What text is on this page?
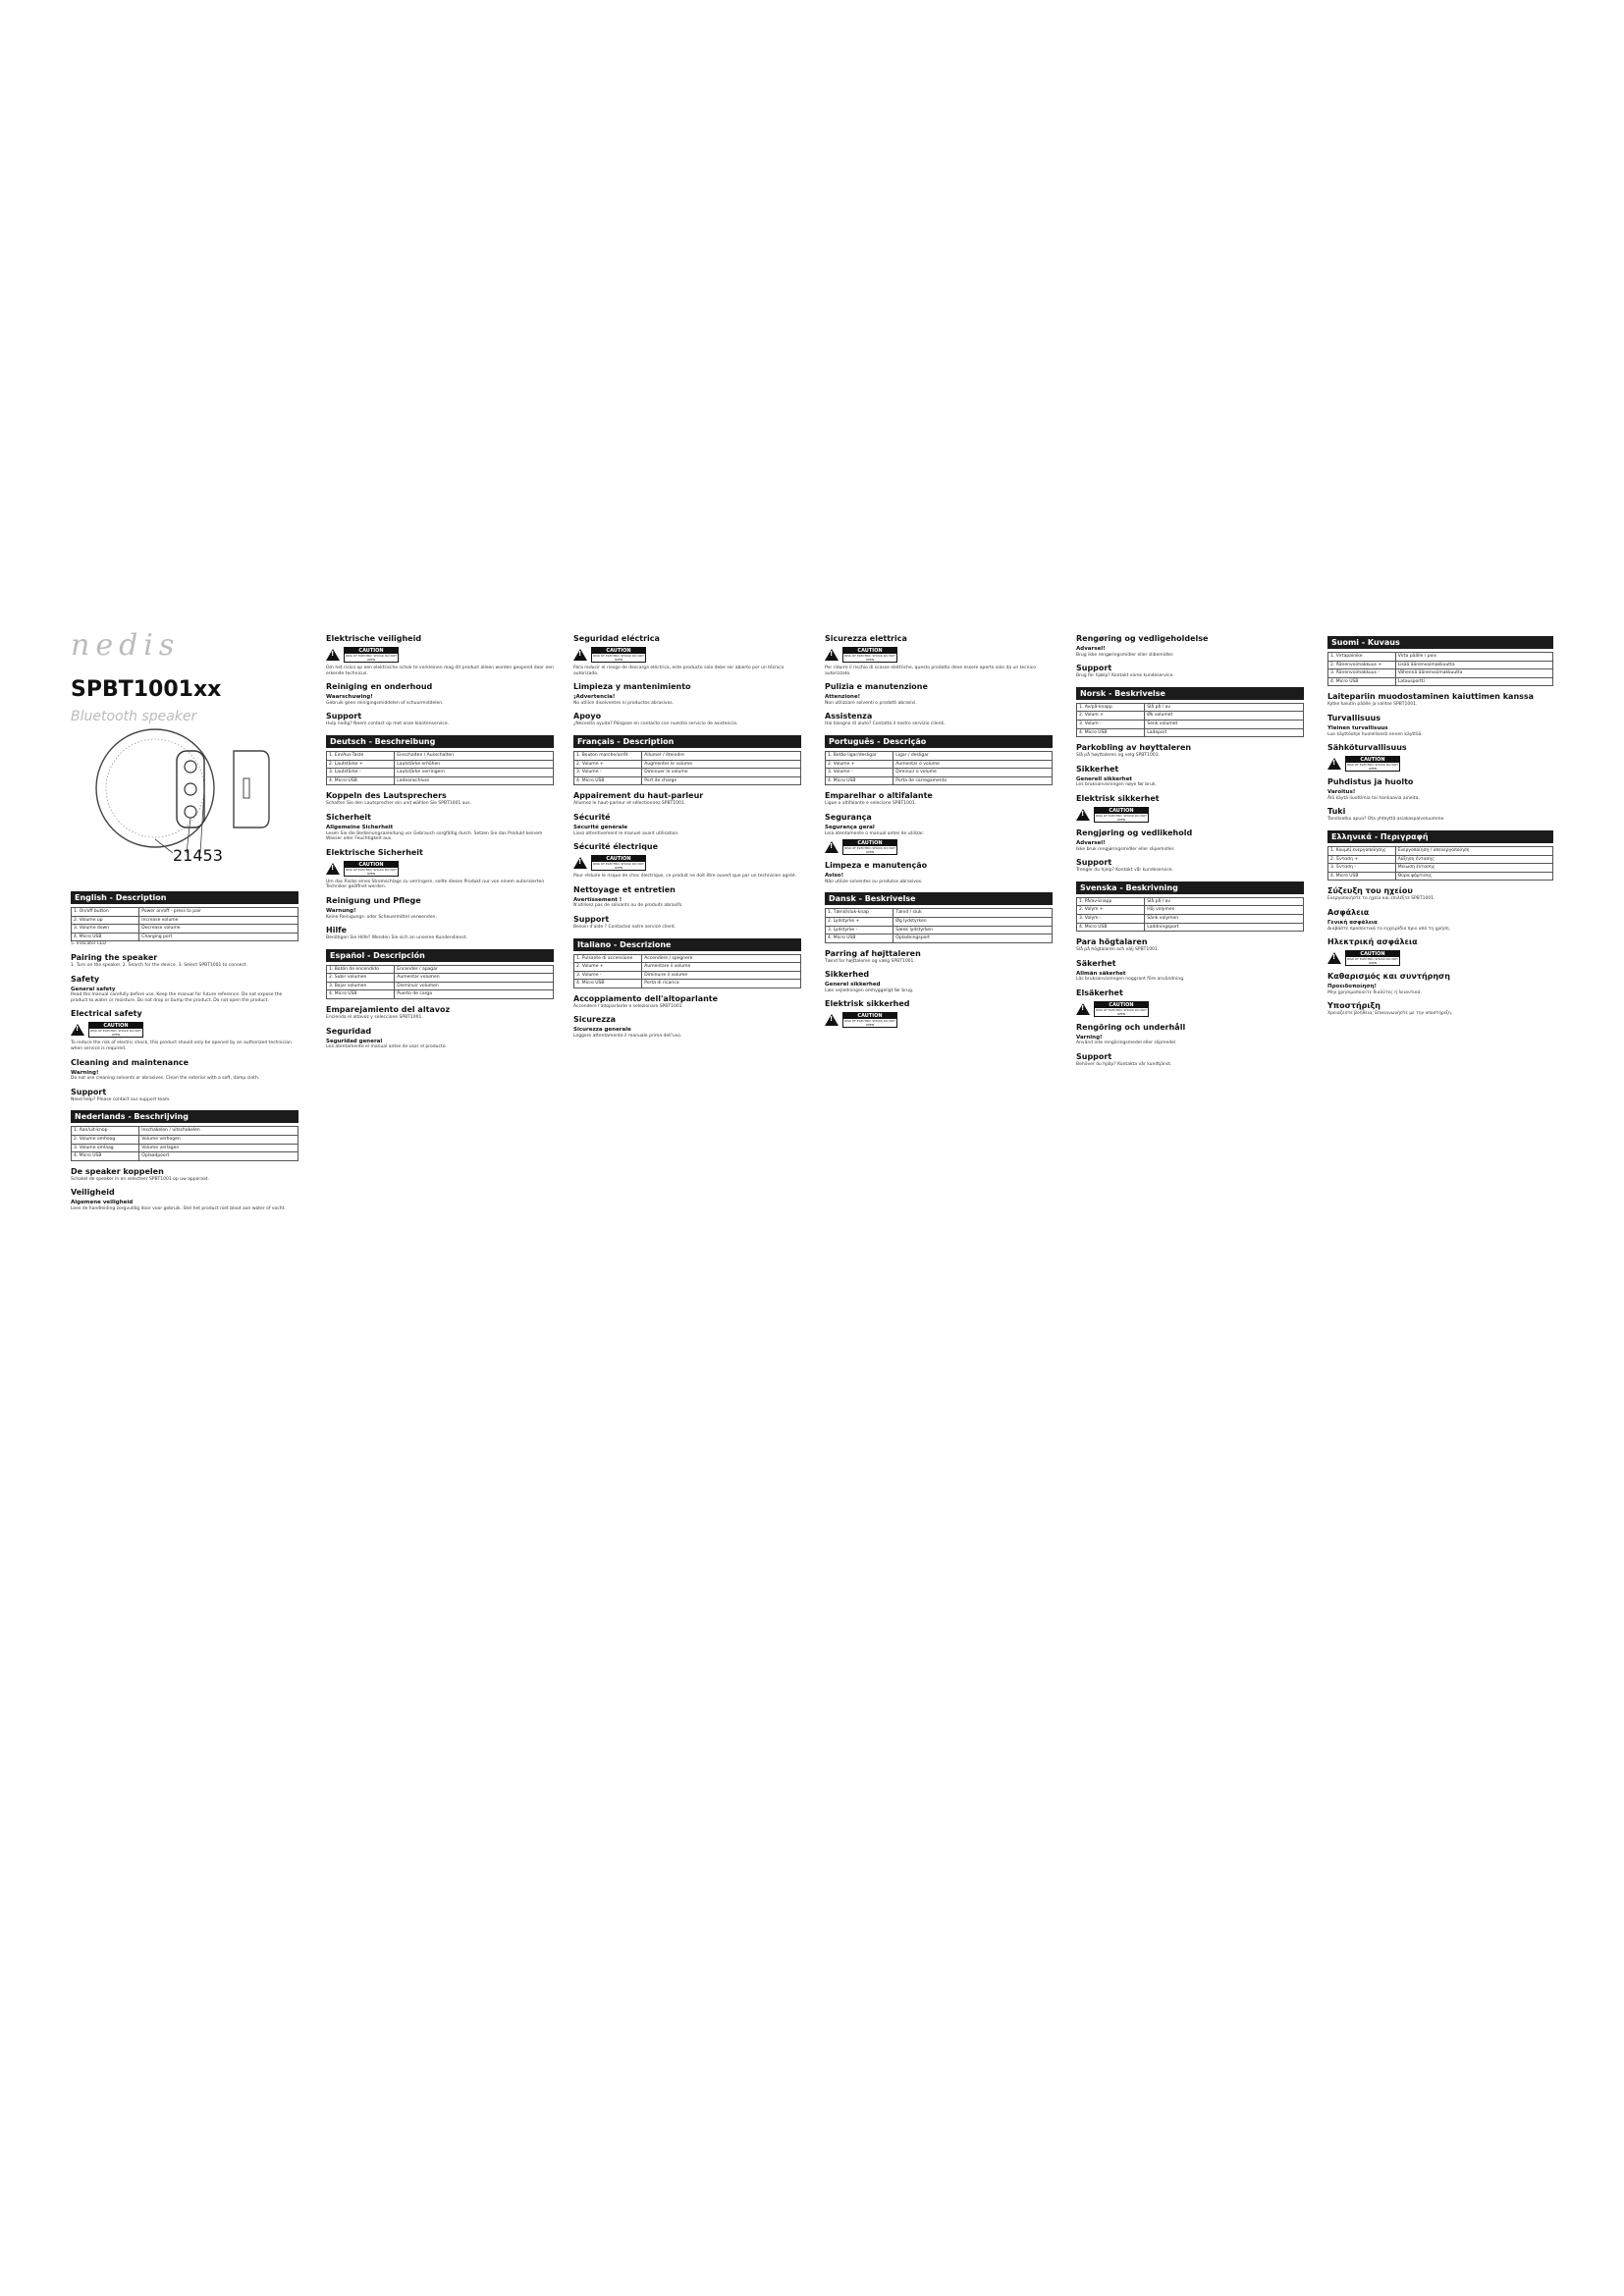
nedis
SPBT1001xx
Bluetooth speaker
21453
English - Description
1. On/off button	Power on/off - press to pair
2. Volume up	Increase volume
3. Volume down	Decrease volume
4. Micro USB	Charging port
5. Indicator LED
Pairing the speaker
1. Turn on the speaker. 2. Search for the device. 3. Select SPBT1001 to connect.
Safety
General safety
Read the manual carefully before use. Keep the manual for future reference. Do not expose the product to water or moisture. Do not drop or bump the product. Do not open the product.
Electrical safety
!	CAUTION
RISK OF ELECTRIC SHOCK DO NOT OPEN
To reduce the risk of electric shock, this product should only be opened by an authorized technician when service is required.
Cleaning and maintenance
Warning!
Do not use cleaning solvents or abrasives. Clean the exterior with a soft, damp cloth.
Support
Need help? Please contact our support team.
Nederlands - Beschrijving
1. Aan/uit-knop	Inschakelen / uitschakelen
2. Volume omhoog	Volume verhogen
3. Volume omlaag	Volume verlagen
4. Micro USB	Oplaadpoort
De speaker koppelen
Schakel de speaker in en selecteer SPBT1001 op uw apparaat.
Veiligheid
Algemene veiligheid
Lees de handleiding zorgvuldig door voor gebruik. Stel het product niet bloot aan water of vocht.
Elektrische veiligheid
!	CAUTION
RISK OF ELECTRIC SHOCK DO NOT OPEN
Om het risico op een elektrische schok te verkleinen mag dit product alleen worden geopend door een erkende technicus.
Reiniging en onderhoud
Waarschuwing!
Gebruik geen reinigingsmiddelen of schuurmiddelen.
Support
Hulp nodig? Neem contact op met onze klantenservice.
Deutsch - Beschreibung
1. Ein/Aus-Taste	Einschalten / Ausschalten
2. Lautstärke +	Lautstärke erhöhen
3. Lautstärke -	Lautstärke verringern
4. Micro-USB	Ladeanschluss
Koppeln des Lautsprechers
Schalten Sie den Lautsprecher ein und wählen Sie SPBT1001 aus.
Sicherheit
Allgemeine Sicherheit
Lesen Sie die Bedienungsanleitung vor Gebrauch sorgfältig durch. Setzen Sie das Produkt keinem Wasser oder Feuchtigkeit aus.
Elektrische Sicherheit
!	CAUTION
RISK OF ELECTRIC SHOCK DO NOT OPEN
Um das Risiko eines Stromschlags zu verringern, sollte dieses Produkt nur von einem autorisierten Techniker geöffnet werden.
Reinigung und Pflege
Warnung!
Keine Reinigungs- oder Scheuermittel verwenden.
Hilfe
Benötigen Sie Hilfe? Wenden Sie sich an unseren Kundendienst.
Español - Descripción
1. Botón de encendido	Encender / apagar
2. Subir volumen	Aumentar volumen
3. Bajar volumen	Disminuir volumen
4. Micro USB	Puerto de carga
Emparejamiento del altavoz
Encienda el altavoz y seleccione SPBT1001.
Seguridad
Seguridad general
Lea atentamente el manual antes de usar el producto.
Seguridad eléctrica
!	CAUTION
RISK OF ELECTRIC SHOCK DO NOT OPEN
Para reducir el riesgo de descarga eléctrica, este producto solo debe ser abierto por un técnico autorizado.
Limpieza y mantenimiento
¡Advertencia!
No utilice disolventes ni productos abrasivos.
Apoyo
¿Necesita ayuda? Póngase en contacto con nuestro servicio de asistencia.
Français - Description
1. Bouton marche/arrêt	Allumer / éteindre
2. Volume +	Augmenter le volume
3. Volume -	Diminuer le volume
4. Micro USB	Port de charge
Appairement du haut-parleur
Allumez le haut-parleur et sélectionnez SPBT1001.
Sécurité
Sécurité générale
Lisez attentivement le manuel avant utilisation.
Sécurité électrique
!	CAUTION
RISK OF ELECTRIC SHOCK DO NOT OPEN
Pour réduire le risque de choc électrique, ce produit ne doit être ouvert que par un technicien agréé.
Nettoyage et entretien
Avertissement !
N'utilisez pas de solvants ou de produits abrasifs.
Support
Besoin d'aide ? Contactez notre service client.
Italiano - Descrizione
1. Pulsante di accensione	Accendere / spegnere
2. Volume +	Aumentare il volume
3. Volume -	Diminuire il volume
4. Micro USB	Porta di ricarica
Accoppiamento dell'altoparlante
Accendere l'altoparlante e selezionare SPBT1001.
Sicurezza
Sicurezza generale
Leggere attentamente il manuale prima dell'uso.
Sicurezza elettrica
!	CAUTION
RISK OF ELECTRIC SHOCK DO NOT OPEN
Per ridurre il rischio di scosse elettriche, questo prodotto deve essere aperto solo da un tecnico autorizzato.
Pulizia e manutenzione
Attenzione!
Non utilizzare solventi o prodotti abrasivi.
Assistenza
Hai bisogno di aiuto? Contatta il nostro servizio clienti.
Português - Descrição
1. Botão ligar/desligar	Ligar / desligar
2. Volume +	Aumentar o volume
3. Volume -	Diminuir o volume
4. Micro USB	Porta de carregamento
Emparelhar o altifalante
Ligue o altifalante e selecione SPBT1001.
Segurança
Segurança geral
Leia atentamente o manual antes de utilizar.
!	CAUTION
RISK OF ELECTRIC SHOCK DO NOT OPEN
Limpeza e manutenção
Aviso!
Não utilize solventes ou produtos abrasivos.
Dansk - Beskrivelse
1. Tænd/sluk-knap	Tænd / sluk
2. Lydstyrke +	Øg lydstyrken
3. Lydstyrke -	Sænk lydstyrken
4. Micro USB	Opladningsport
Parring af højttaleren
Tænd for højttaleren og vælg SPBT1001.
Sikkerhed
Generel sikkerhed
Læs vejledningen omhyggeligt før brug.
Elektrisk sikkerhed
!	CAUTION
RISK OF ELECTRIC SHOCK DO NOT OPEN
Rengøring og vedligeholdelse
Advarsel!
Brug ikke rengøringsmidler eller slibemidler.
Support
Brug for hjælp? Kontakt vores kundeservice.
Norsk - Beskrivelse
1. Av/på-knapp	Slå på / av
2. Volum +	Øk volumet
3. Volum -	Senk volumet
4. Micro USB	Ladeport
Parkobling av høyttaleren
Slå på høyttaleren og velg SPBT1001.
Sikkerhet
Generell sikkerhet
Les bruksanvisningen nøye før bruk.
Elektrisk sikkerhet
!	CAUTION
RISK OF ELECTRIC SHOCK DO NOT OPEN
Rengjøring og vedlikehold
Advarsel!
Ikke bruk rengjøringsmidler eller slipemidler.
Support
Trenger du hjelp? Kontakt vår kundeservice.
Svenska - Beskrivning
1. På/av-knapp	Slå på / av
2. Volym +	Höj volymen
3. Volym -	Sänk volymen
4. Micro USB	Laddningsport
Para högtalaren
Slå på högtalaren och välj SPBT1001.
Säkerhet
Allmän säkerhet
Läs bruksanvisningen noggrant före användning.
Elsäkerhet
!	CAUTION
RISK OF ELECTRIC SHOCK DO NOT OPEN
Rengöring och underhåll
Varning!
Använd inte rengöringsmedel eller slipmedel.
Support
Behöver du hjälp? Kontakta vår kundtjänst.
Suomi - Kuvaus
1. Virtapainike	Virta päälle / pois
2. Äänenvoimakkuus +	Lisää äänenvoimakkuutta
3. Äänenvoimakkuus -	Vähennä äänenvoimakkuutta
4. Micro USB	Latausportti
Laitepariin muodostaminen kaiuttimen kanssa
Kytke kaiutin päälle ja valitse SPBT1001.
Turvallisuus
Yleinen turvallisuus
Lue käyttöohje huolellisesti ennen käyttöä.
Sähköturvallisuus
!	CAUTION
RISK OF ELECTRIC SHOCK DO NOT OPEN
Puhdistus ja huolto
Varoitus!
Älä käytä liuottimia tai hankaavia aineita.
Tuki
Tarvitsetko apua? Ota yhteyttä asiakaspalveluumme.
Ελληνικά - Περιγραφή
1. Κουμπί ενεργοποίησης	Ενεργοποίηση / απενεργοποίηση
2. Ένταση +	Αύξηση έντασης
3. Ένταση -	Μείωση έντασης
4. Micro USB	Θύρα φόρτισης
Σύζευξη του ηχείου
Ενεργοποιήστε το ηχείο και επιλέξτε SPBT1001.
Ασφάλεια
Γενική ασφάλεια
Διαβάστε προσεκτικά το εγχειρίδιο πριν από τη χρήση.
Ηλεκτρική ασφάλεια
!	CAUTION
RISK OF ELECTRIC SHOCK DO NOT OPEN
Καθαρισμός και συντήρηση
Προειδοποίηση!
Μην χρησιμοποιείτε διαλύτες ή λειαντικά.
Υποστήριξη
Χρειάζεστε βοήθεια; Επικοινωνήστε με την υποστήριξη.
